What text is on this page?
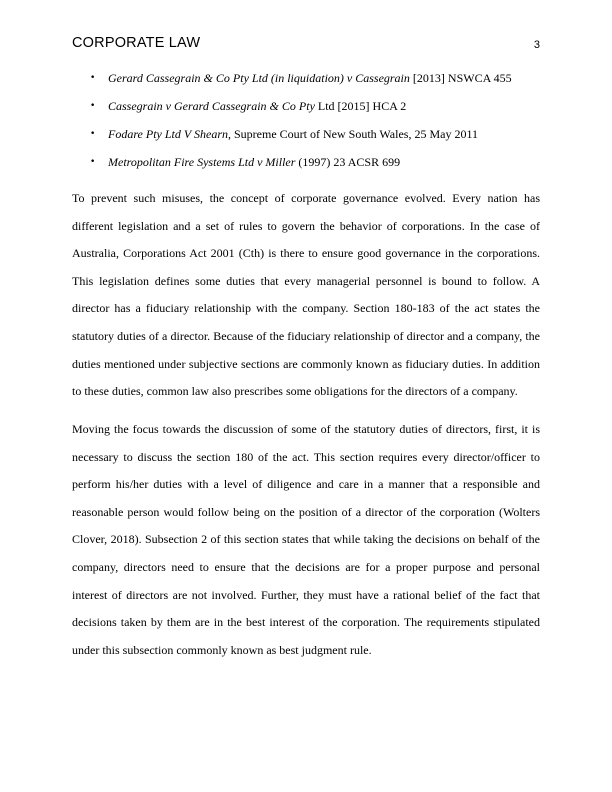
CORPORATE LAW	3
• Gerard Cassegrain & Co Pty Ltd (in liquidation) v Cassegrain [2013] NSWCA 455
• Cassegrain v Gerard Cassegrain & Co Pty Ltd [2015] HCA 2
• Fodare Pty Ltd V Shearn, Supreme Court of New South Wales, 25 May 2011
• Metropolitan Fire Systems Ltd v Miller (1997) 23 ACSR 699

To prevent such misuses, the concept of corporate governance evolved. Every nation has different legislation and a set of rules to govern the behavior of corporations. In the case of Australia, Corporations Act 2001 (Cth) is there to ensure good governance in the corporations. This legislation defines some duties that every managerial personnel is bound to follow. A director has a fiduciary relationship with the company. Section 180-183 of the act states the statutory duties of a director. Because of the fiduciary relationship of director and a company, the duties mentioned under subjective sections are commonly known as fiduciary duties. In addition to these duties, common law also prescribes some obligations for the directors of a company.

Moving the focus towards the discussion of some of the statutory duties of directors, first, it is necessary to discuss the section 180 of the act. This section requires every director/officer to perform his/her duties with a level of diligence and care in a manner that a responsible and reasonable person would follow being on the position of a director of the corporation (Wolters Clover, 2018). Subsection 2 of this section states that while taking the decisions on behalf of the company, directors need to ensure that the decisions are for a proper purpose and personal interest of directors are not involved. Further, they must have a rational belief of the fact that decisions taken by them are in the best interest of the corporation. The requirements stipulated under this subsection commonly known as best judgment rule.
